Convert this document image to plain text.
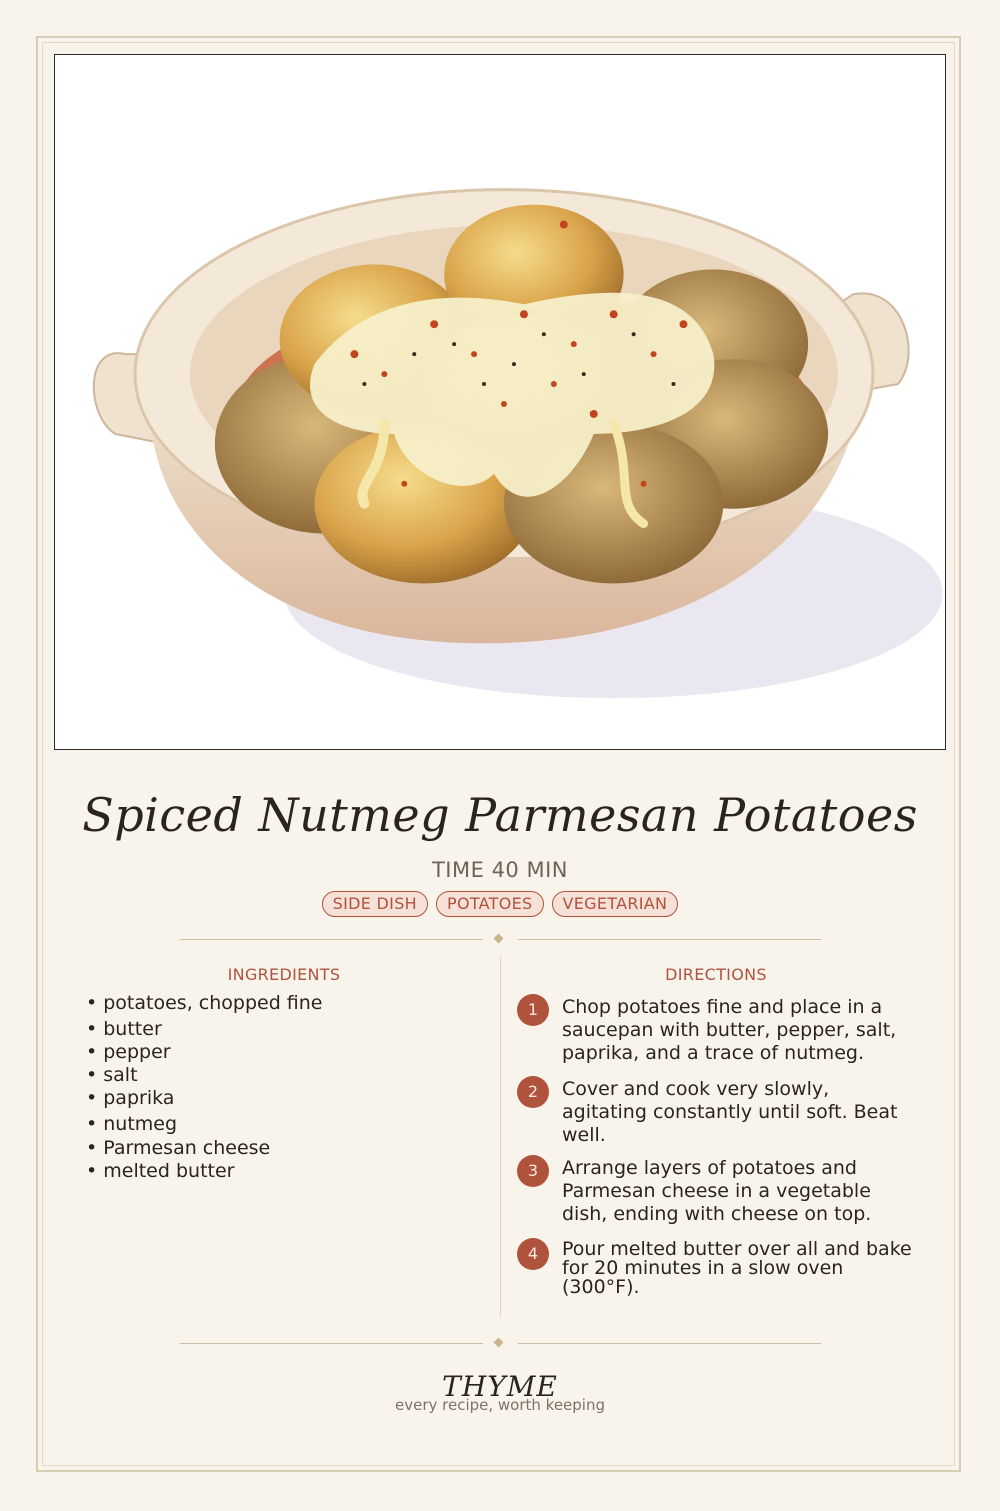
Spiced Nutmeg Parmesan Potatoes
TIME 40 MIN
SIDE DISH	POTATOES	VEGETARIAN
INGREDIENTS	DIRECTIONS
• potatoes, chopped fine
• butter
• pepper
• salt
• paprika
• nutmeg
• Parmesan cheese
• melted butter
1	Chop potatoes fine and place in a saucepan with butter, pepper, salt, paprika, and a trace of nutmeg.
2	Cover and cook very slowly, agitating constantly until soft. Beat well.
3	Arrange layers of potatoes and Parmesan cheese in a vegetable dish, ending with cheese on top.
4	Pour melted butter over all and bake for 20 minutes in a slow oven (300°F).
THYME
every recipe, worth keeping
